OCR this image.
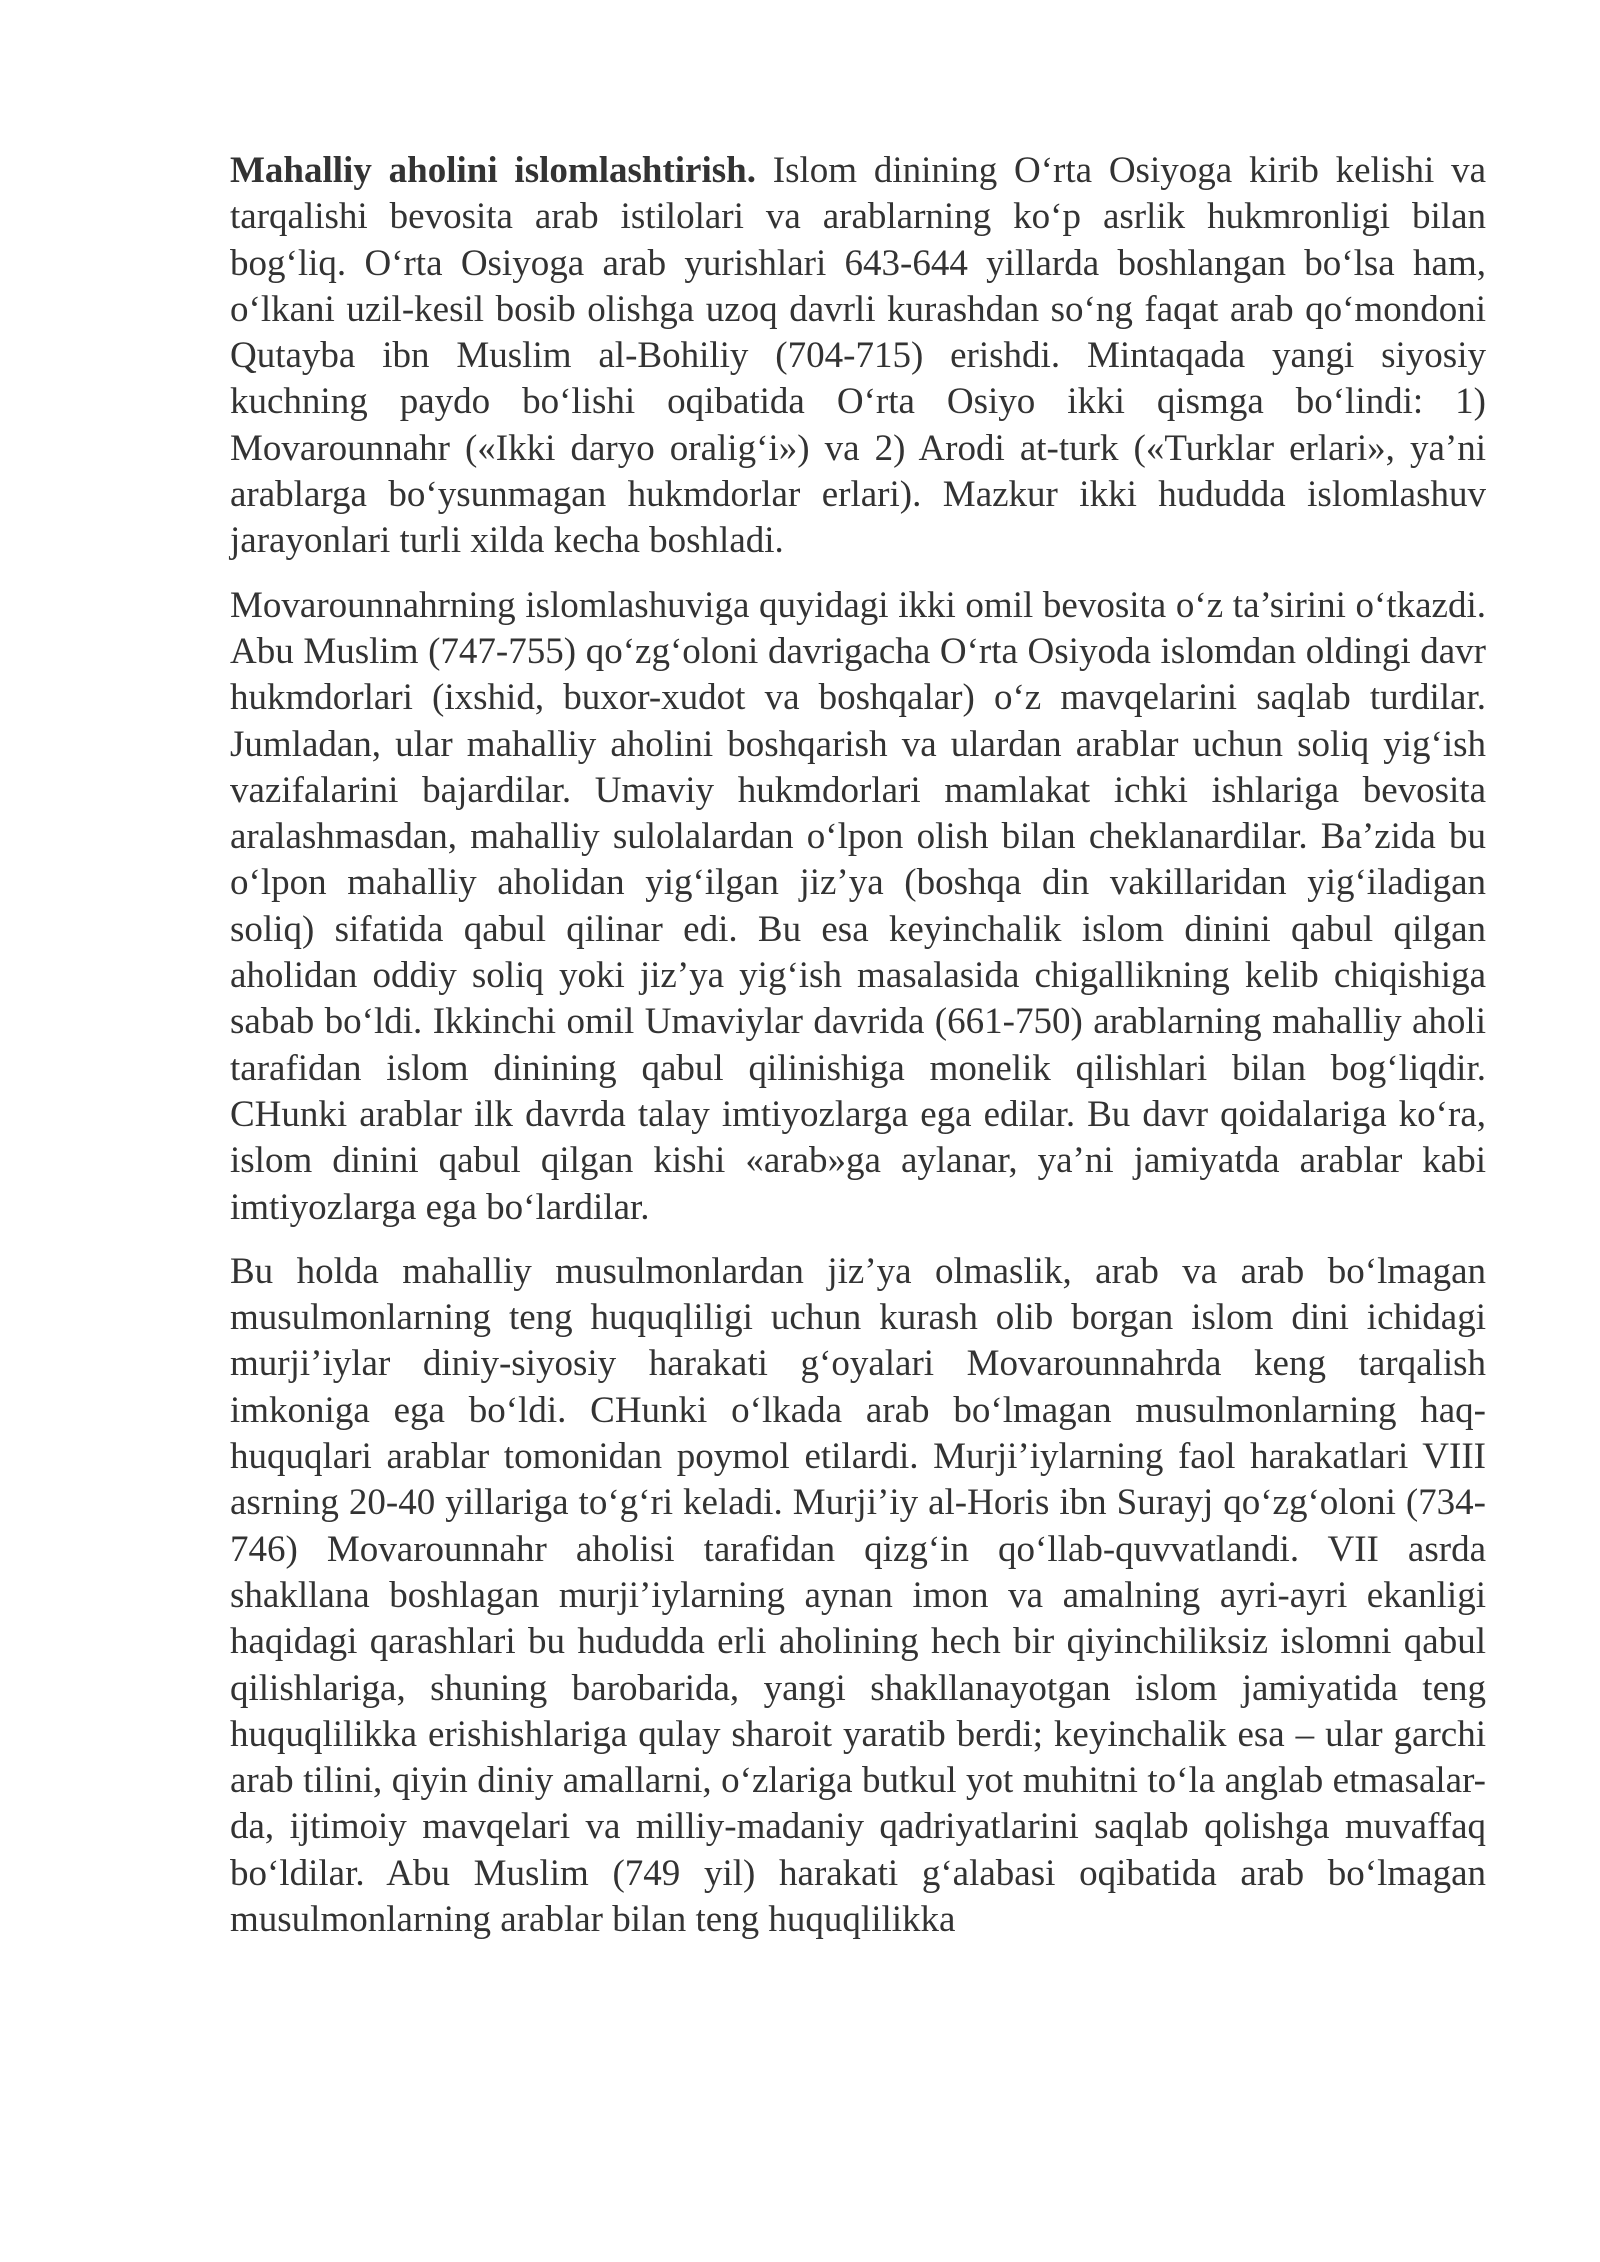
Mahalliy aholini islomlashtirish. Islom dinining O‘rta Osiyoga kirib kelishi va tarqalishi bevosita arab istilolari va arablarning ko‘p asrlik hukmronligi bilan bog‘liq. O‘rta Osiyoga arab yurishlari 643-644 yillarda boshlangan bo‘lsa ham, o‘lkani uzil-kesil bosib olishga uzoq davrli kurashdan so‘ng faqat arab qo‘mondoni Qutayba ibn Muslim al-Bohiliy (704-715) erishdi. Mintaqada yangi siyosiy kuchning paydo bo‘lishi oqibatida O‘rta Osiyo ikki qismga bo‘lindi: 1) Movarounnahr («Ikki daryo oralig‘i») va 2) Arodi at-turk («Turklar erlari», ya’ni arablarga bo‘ysunmagan hukmdorlar erlari). Mazkur ikki hududda islomlashuv jarayonlari turli xilda kecha boshladi.

Movarounnahrning islomlashuviga quyidagi ikki omil bevosita o‘z ta’sirini o‘tkazdi. Abu Muslim (747-755) qo‘zg‘oloni davrigacha O‘rta Osiyoda islomdan oldingi davr hukmdorlari (ixshid, buxor-xudot va boshqalar) o‘z mavqelarini saqlab turdilar. Jumladan, ular mahalliy aholini boshqarish va ulardan arablar uchun soliq yig‘ish vazifalarini bajardilar. Umaviy hukmdorlari mamlakat ichki ishlariga bevosita aralashmasdan, mahalliy sulolalardan o‘lpon olish bilan cheklanardilar. Ba’zida bu o‘lpon mahalliy aholidan yig‘ilgan jiz’ya (boshqa din vakillaridan yig‘iladigan soliq) sifatida qabul qilinar edi. Bu esa keyinchalik islom dinini qabul qilgan aholidan oddiy soliq yoki jiz’ya yig‘ish masalasida chigallikning kelib chiqishiga sabab bo‘ldi. Ikkinchi omil Umaviylar davrida (661-750) arablarning mahalliy aholi tarafidan islom dinining qabul qilinishiga monelik qilishlari bilan bog‘liqdir. CHunki arablar ilk davrda talay imtiyozlarga ega edilar. Bu davr qoidalariga ko‘ra, islom dinini qabul qilgan kishi «arab»ga aylanar, ya’ni jamiyatda arablar kabi imtiyozlarga ega bo‘lardilar.

Bu holda mahalliy musulmonlardan jiz’ya olmaslik, arab va arab bo‘lmagan musulmonlarning teng huquqliligi uchun kurash olib borgan islom dini ichidagi murji’iylar diniy-siyosiy harakati g‘oyalari Movarounnahrda keng tarqalish imkoniga ega bo‘ldi. CHunki o‘lkada arab bo‘lmagan musulmonlarning haq-huquqlari arablar tomonidan poymol etilardi. Murji’iylarning faol harakatlari VIII asrning 20-40 yillariga to‘g‘ri keladi. Murji’iy al-Horis ibn Surayj qo‘zg‘oloni (734-746) Movarounnahr aholisi tarafidan qizg‘in qo‘llab-quvvatlandi. VII asrda shakllana boshlagan murji’iylarning aynan imon va amalning ayri-ayri ekanligi haqidagi qarashlari bu hududda erli aholining hech bir qiyinchiliksiz islomni qabul qilishlariga, shuning barobarida, yangi shakllanayotgan islom jamiyatida teng huquqlilikka erishishlariga qulay sharoit yaratib berdi; keyinchalik esa – ular garchi arab tilini, qiyin diniy amallarni, o‘zlariga butkul yot muhitni to‘la anglab etmasalar-da, ijtimoiy mavqelari va milliy-madaniy qadriyatlarini saqlab qolishga muvaffaq bo‘ldilar. Abu Muslim (749 yil) harakati g‘alabasi oqibatida arab bo‘lmagan musulmonlarning arablar bilan teng huquqlilikka
